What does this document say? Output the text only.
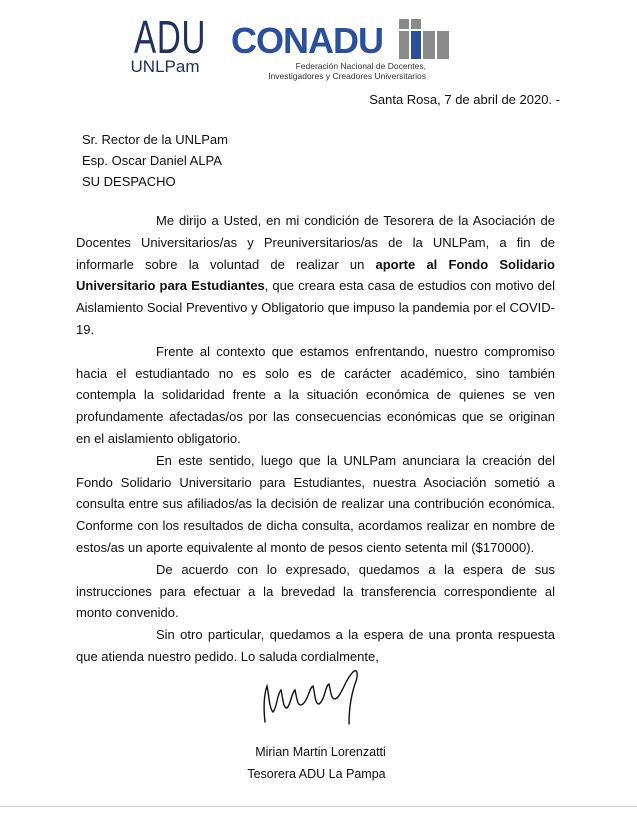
ADU
UNLPam
CONADU
Federación Nacional de Docentes,
Investigadores y Creadores Universitarios
Santa Rosa, 7 de abril de 2020. -
Sr. Rector de la UNLPam
Esp. Oscar Daniel ALPA
SU DESPACHO

Me dirijo a Usted, en mi condición de Tesorera de la Asociación de Docentes Universitarios/as y Preuniversitarios/as de la UNLPam, a fin de informarle sobre la voluntad de realizar un aporte al Fondo Solidario Universitario para Estudiantes, que creara esta casa de estudios con motivo del Aislamiento Social Preventivo y Obligatorio que impuso la pandemia por el COVID-19.

Frente al contexto que estamos enfrentando, nuestro compromiso hacia el estudiantado no es solo es de carácter académico, sino también contempla la solidaridad frente a la situación económica de quienes se ven profundamente afectadas/os por las consecuencias económicas que se originan en el aislamiento obligatorio.

En este sentido, luego que la UNLPam anunciara la creación del Fondo Solidario Universitario para Estudiantes, nuestra Asociación sometió a consulta entre sus afiliados/as la decisión de realizar una contribución económica. Conforme con los resultados de dicha consulta, acordamos realizar en nombre de estos/as un aporte equivalente al monto de pesos ciento setenta mil ($170000).

De acuerdo con lo expresado, quedamos a la espera de sus instrucciones para efectuar a la brevedad la transferencia correspondiente al monto convenido.

Sin otro particular, quedamos a la espera de una pronta respuesta que atienda nuestro pedido. Lo saluda cordialmente,

Mirian Martin Lorenzatti
Tesorera ADU La Pampa
